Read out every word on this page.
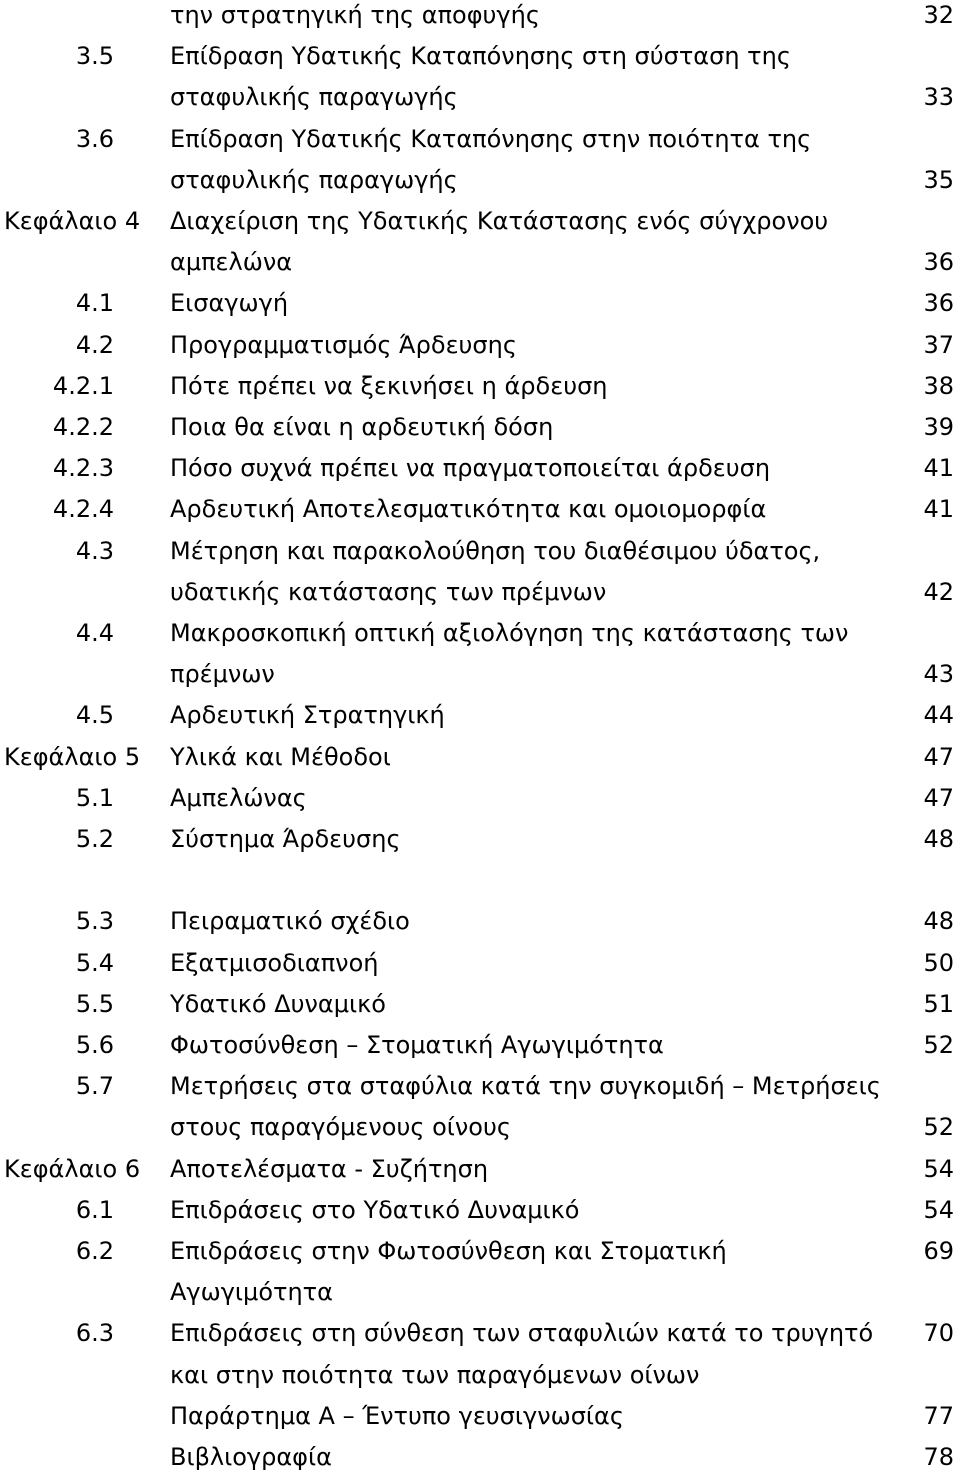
την στρατηγική της αποφυγής	32
3.5 Επίδραση Υδατικής Καταπόνησης στη σύσταση της
σταφυλικής παραγωγής	33
3.6 Επίδραση Υδατικής Καταπόνησης στην ποιότητα της
σταφυλικής παραγωγής	35
Κεφάλαιο 4 Διαχείριση της Υδατικής Κατάστασης ενός σύγχρονου
αμπελώνα	36
4.1 Εισαγωγή	36
4.2 Προγραμματισμός Άρδευσης	37
4.2.1 Πότε πρέπει να ξεκινήσει η άρδευση	38
4.2.2 Ποια θα είναι η αρδευτική δόση	39
4.2.3 Πόσο συχνά πρέπει να πραγματοποιείται άρδευση	41
4.2.4 Αρδευτική Αποτελεσματικότητα και ομοιομορφία	41
4.3 Μέτρηση και παρακολούθηση του διαθέσιμου ύδατος,
υδατικής κατάστασης των πρέμνων	42
4.4 Μακροσκοπική οπτική αξιολόγηση της κατάστασης των
πρέμνων	43
4.5 Αρδευτική Στρατηγική	44
Κεφάλαιο 5 Υλικά και Μέθοδοι	47
5.1 Αμπελώνας	47
5.2 Σύστημα Άρδευσης	48
5.3 Πειραματικό σχέδιο	48
5.4 Εξατμισοδιαπνοή	50
5.5 Υδατικό Δυναμικό	51
5.6 Φωτοσύνθεση – Στοματική Αγωγιμότητα	52
5.7 Μετρήσεις στα σταφύλια κατά την συγκομιδή – Μετρήσεις
στους παραγόμενους οίνους	52
Κεφάλαιο 6 Αποτελέσματα - Συζήτηση	54
6.1 Επιδράσεις στο Υδατικό Δυναμικό	54
6.2 Επιδράσεις στην Φωτοσύνθεση και Στοματική	69
Αγωγιμότητα
6.3 Επιδράσεις στη σύνθεση των σταφυλιών κατά το τρυγητό 70
και στην ποιότητα των παραγόμενων οίνων
Παράρτημα Α – Έντυπο γευσιγνωσίας	77
Βιβλιογραφία	78
